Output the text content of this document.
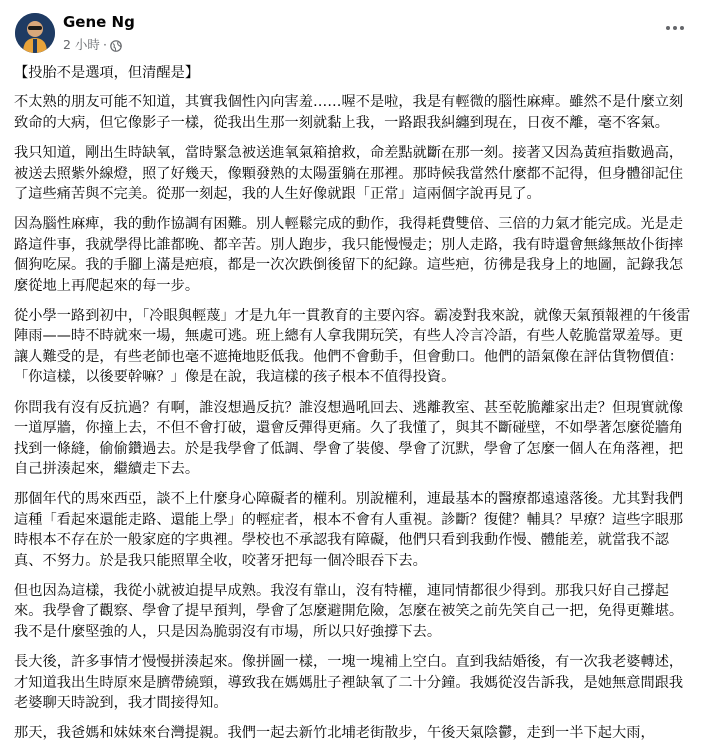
Gene Ng
2 小時 ·

【投胎不是選項，但清醒是】

不太熟的朋友可能不知道，其實我個性內向害羞……喔不是啦，我是有輕微的腦性麻痺。雖然不是什麼立刻致命的大病，但它像影子一樣，從我出生那一刻就黏上我，一路跟我糾纏到現在，日夜不離，毫不客氣。

我只知道，剛出生時缺氧，當時緊急被送進氧氣箱搶救，命差點就斷在那一刻。接著又因為黃疸指數過高，被送去照紫外線燈，照了好幾天，像顆發熟的太陽蛋躺在那裡。那時候我當然什麼都不記得，但身體卻記住了這些痛苦與不完美。從那一刻起，我的人生好像就跟「正常」這兩個字說再見了。

因為腦性麻痺，我的動作協調有困難。別人輕鬆完成的動作，我得耗費雙倍、三倍的力氣才能完成。光是走路這件事，我就學得比誰都晚、都辛苦。別人跑步，我只能慢慢走；別人走路，我有時還會無緣無故仆街摔個狗吃屎。我的手腳上滿是疤痕，都是一次次跌倒後留下的紀錄。這些疤，彷彿是我身上的地圖，記錄我怎麼從地上再爬起來的每一步。

從小學一路到初中，「冷眼與輕蔑」才是九年一貫教育的主要內容。霸凌對我來說，就像天氣預報裡的午後雷陣雨——時不時就來一場，無處可逃。班上總有人拿我開玩笑，有些人冷言冷語，有些人乾脆當眾羞辱。更讓人難受的是，有些老師也毫不遮掩地貶低我。他們不會動手，但會動口。他們的語氣像在評估貨物價值：「你這樣，以後要幹嘛？」像是在說，我這樣的孩子根本不值得投資。

你問我有沒有反抗過？有啊，誰沒想過反抗？誰沒想過吼回去、逃離教室、甚至乾脆離家出走？但現實就像一道厚牆，你撞上去，不但不會打破，還會反彈得更痛。久了我懂了，與其不斷碰壁，不如學著怎麼從牆角找到一條縫，偷偷鑽過去。於是我學會了低調、學會了裝傻、學會了沉默，學會了怎麼一個人在角落裡，把自己拼湊起來，繼續走下去。

那個年代的馬來西亞，談不上什麼身心障礙者的權利。別說權利，連最基本的醫療都遠遠落後。尤其對我們這種「看起來還能走路、還能上學」的輕症者，根本不會有人重視。診斷？復健？輔具？早療？這些字眼那時根本不存在於一般家庭的字典裡。學校也不承認我有障礙，他們只看到我動作慢、體能差，就當我不認真、不努力。於是我只能照單全收，咬著牙把每一個冷眼吞下去。

但也因為這樣，我從小就被迫提早成熟。我沒有靠山，沒有特權，連同情都很少得到。那我只好自己撐起來。我學會了觀察、學會了提早預判，學會了怎麼避開危險，怎麼在被笑之前先笑自己一把，免得更難堪。我不是什麼堅強的人，只是因為脆弱沒有市場，所以只好強撐下去。

長大後，許多事情才慢慢拼湊起來。像拼圖一樣，一塊一塊補上空白。直到我結婚後，有一次我老婆轉述，才知道我出生時原來是臍帶繞頸，導致我在媽媽肚子裡缺氧了二十分鐘。我媽從沒告訴我，是她無意間跟我老婆聊天時說到，我才間接得知。

那天，我爸媽和妹妹來台灣提親。我們一起去新竹北埔老街散步，午後天氣陰鬱，走到一半下起大雨，
